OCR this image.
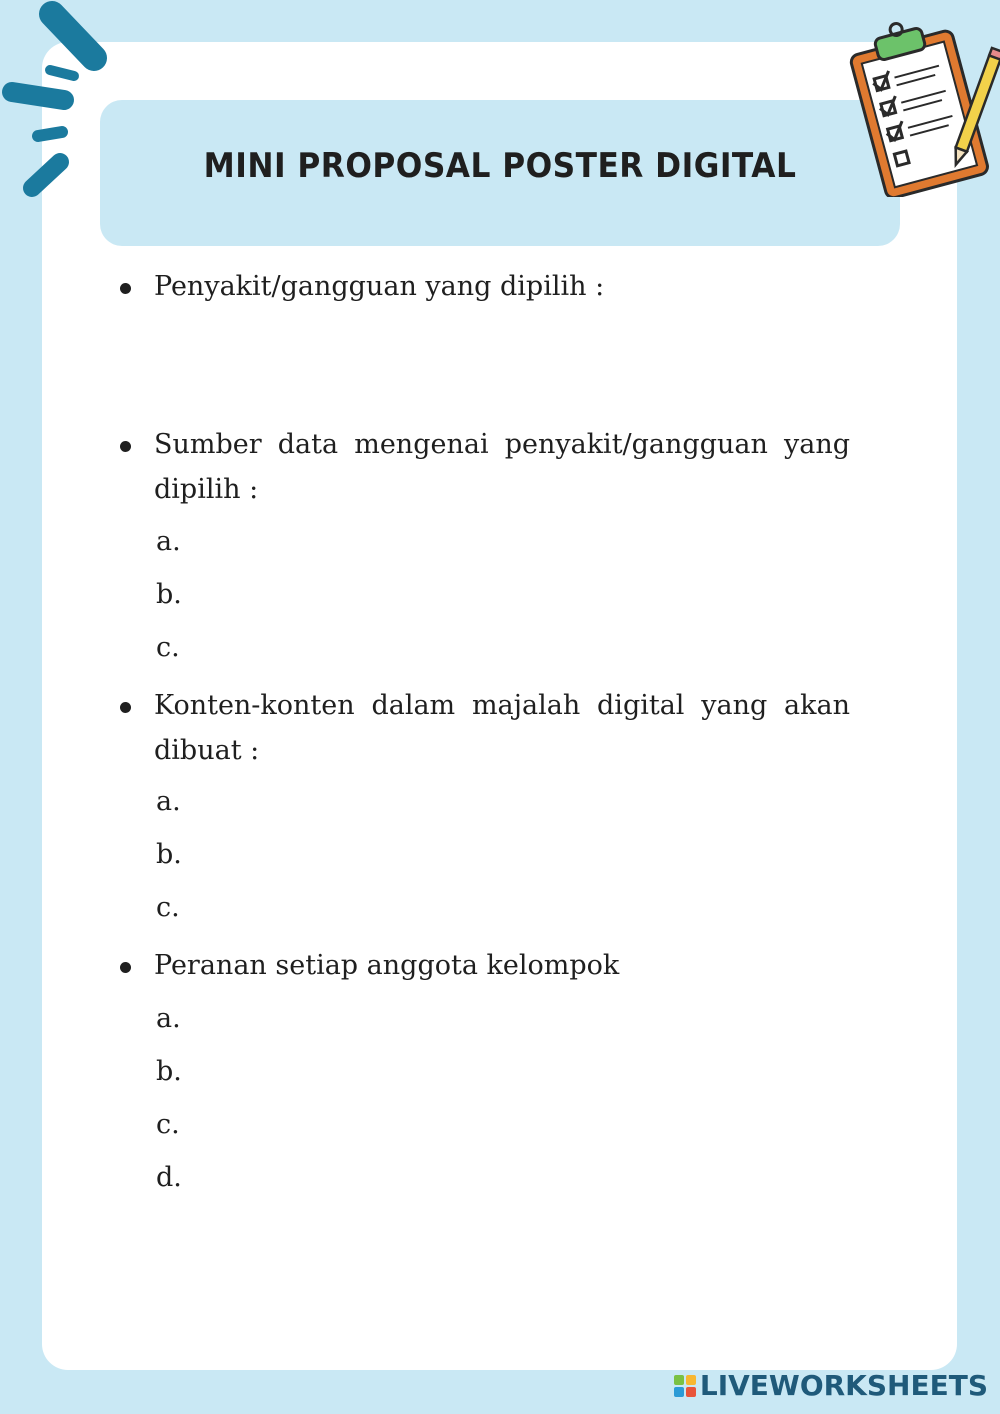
MINI PROPOSAL POSTER DIGITAL
Penyakit/gangguan yang dipilih :
Sumber data mengenai penyakit/gangguan yang dipilih :
a.
b.
c.
Konten-konten dalam majalah digital yang akan dibuat :
a.
b.
c.
Peranan setiap anggota kelompok
a.
b.
c.
d.
LIVEWORKSHEETS
